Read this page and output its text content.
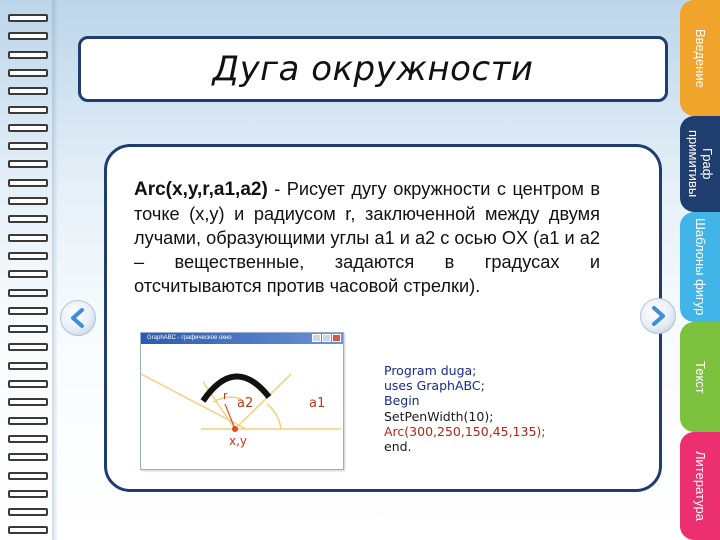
Дуга окружности
Arc(x,y,r,a1,a2) - Рисует дугу окружности с центром в точке (x,y) и радиусом r, заключенной между двумя лучами, образующими углы a1 и a2 с осью OX (a1 и a2 – вещественные, задаются в градусах и отсчитываются против часовой стрелки).
GraphABC - графическое окно
r
a2	a1
x,y
Program duga;
uses GraphABC;
Begin
SetPenWidth(10);
Arc(300,250,150,45,135);
end.
Введение
Граф
примитивы
Шаблоны фигур
Текст
Литература
